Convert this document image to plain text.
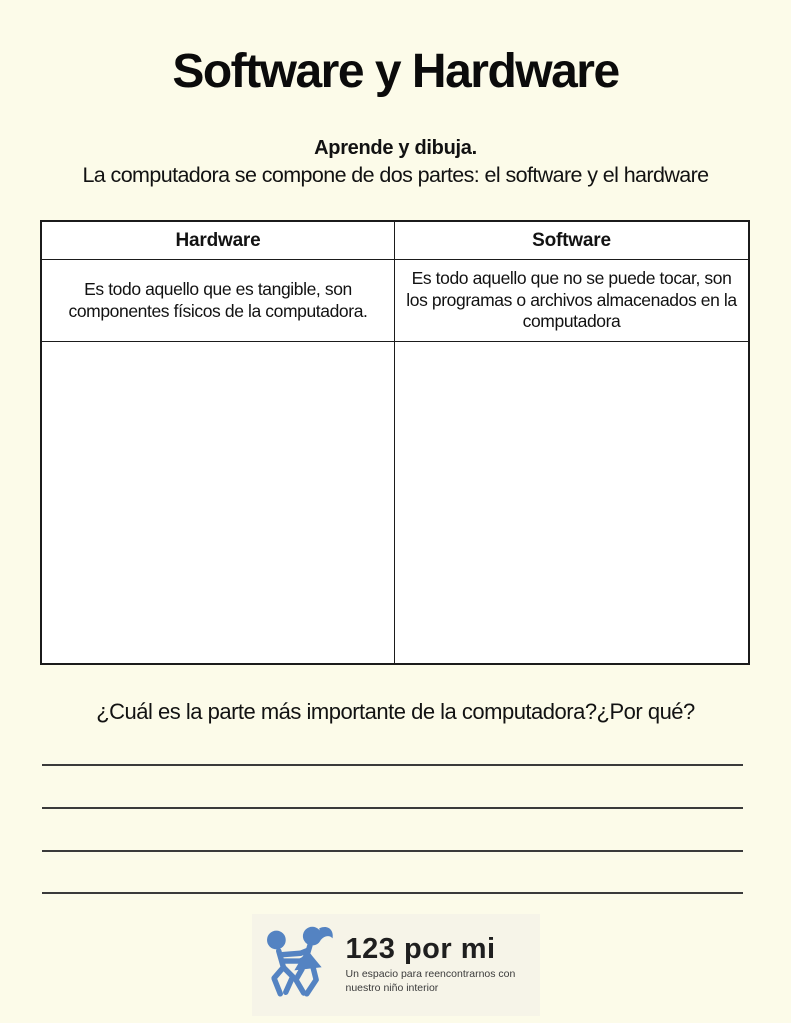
Software y Hardware
Aprende y dibuja.
La computadora se compone de dos partes: el software y el hardware
Hardware	Software
Es todo aquello que es tangible, son componentes físicos de la computadora.
Es todo aquello que no se puede tocar, son los programas o archivos almacenados en la computadora
¿Cuál es la parte más importante de la computadora?¿Por qué?
123 por mi
Un espacio para reencontrarnos con nuestro niño interior
